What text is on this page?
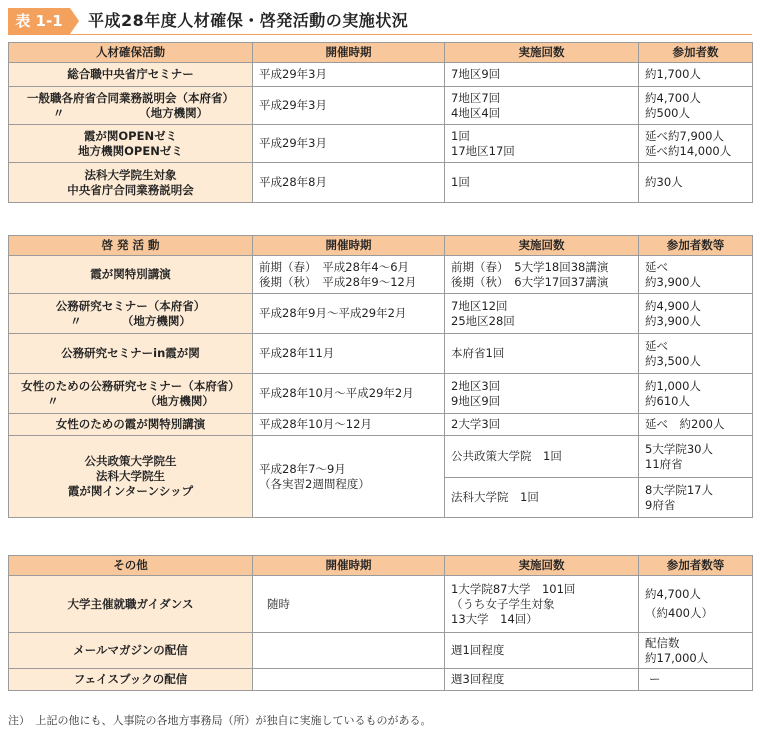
表 1-1	平成28年度人材確保・啓発活動の実施状況
人材確保活動	開催時期	実施回数	参加者数

総合職中央省庁セミナー	平成29年3月	7地区9回	約1,700人

一般職各府省合同業務説明会（本府省）
〃　　　　　　　（地方機関）	平成29年3月	7地区7回
4地区4回	約4,700人
約500人

霞が関OPENゼミ
地方機関OPENゼミ	平成29年3月	1回
17地区17回	延べ約7,900人
延べ約14,000人

法科大学院生対象
中央省庁合同業務説明会	平成28年8月	1回	約30人
啓 発 活 動	開催時期	実施回数	参加者数等

霞が関特別講演	前期（春）　平成28年4〜6月
後期（秋）　平成28年9〜12月	前期（春）　5大学18回38講演
後期（秋）　6大学17回37講演	延べ
約3,900人

公務研究セミナー（本府省）
〃　　　　（地方機関）	平成28年9月〜平成29年2月	7地区12回
25地区28回	約4,900人
約3,900人

公務研究セミナーin霞が関	平成28年11月	本府省1回	延べ
約3,500人

女性のための公務研究セミナー（本府省）
〃　　　　　　　　（地方機関）	平成28年10月〜平成29年2月	2地区3回
9地区9回	約1,000人
約610人

女性のための霞が関特別講演	平成28年10月〜12月	2大学3回	延べ　約200人

公共政策大学院生
法科大学院生
霞が関インターンシップ	平成28年7〜9月
（各実習2週間程度）	公共政策大学院　1回	5大学院30人
11府省

		法科大学院　1回	8大学院17人
9府省
その他	開催時期	実施回数	参加者数等

大学主催就職ガイダンス	随時	1大学院87大学　101回
（うち女子学生対象
13大学　14回）	約4,700人
（約400人）

メールマガジンの配信		週1回程度	配信数
約17,000人

フェイスブックの配信		週3回程度	ー
注）　上記の他にも、人事院の各地方事務局（所）が独自に実施しているものがある。
